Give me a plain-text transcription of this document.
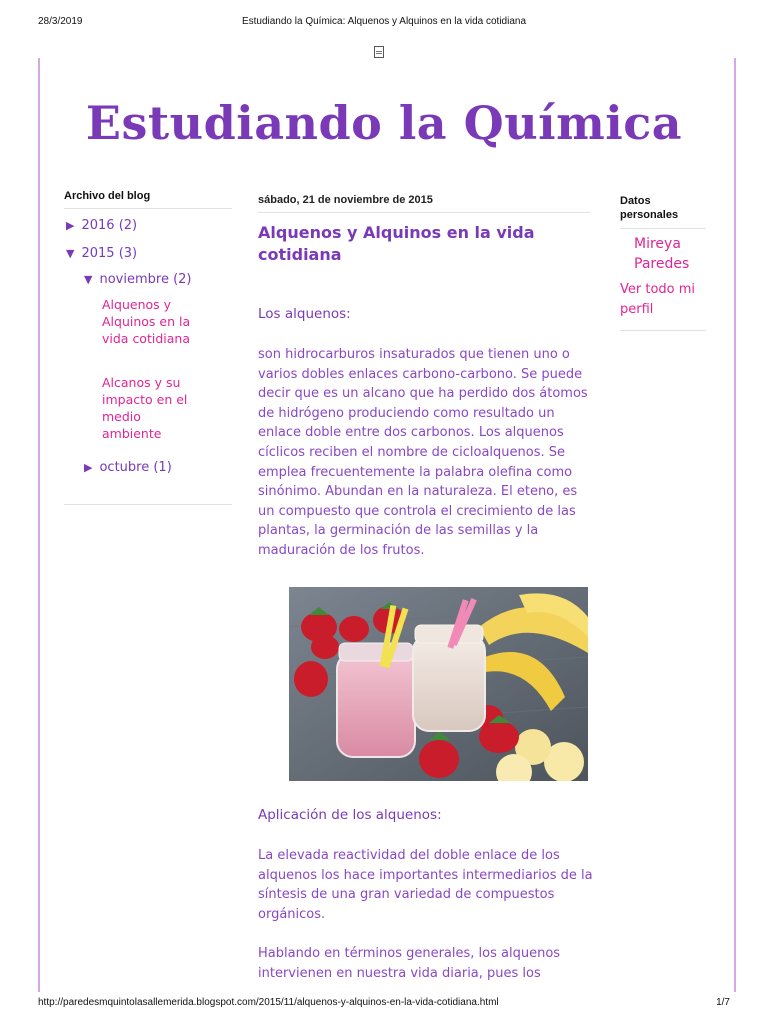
28/3/2019	Estudiando la Química: Alquenos y Alquinos en la vida cotidiana
Estudiando la Química
Archivo del blog
▶ 2016 (2)
▼ 2015 (3)
▼ noviembre (2)
Alquenos y Alquinos en la vida cotidiana
Alcanos y su impacto en el medio ambiente
▶ octubre (1)
sábado, 21 de noviembre de 2015
Alquenos y Alquinos en la vida cotidiana
Los alquenos:
son hidrocarburos insaturados que tienen uno o varios dobles enlaces carbono-carbono. Se puede decir que es un alcano que ha perdido dos átomos de hidrógeno produciendo como resultado un enlace doble entre dos carbonos. Los alquenos cíclicos reciben el nombre de cicloalquenos. Se emplea frecuentemente la palabra olefina como sinónimo. Abundan en la naturaleza. El eteno, es un compuesto que controla el crecimiento de las plantas, la germinación de las semillas y la maduración de los frutos.
Aplicación de los alquenos:
La elevada reactividad del doble enlace de los alquenos los hace importantes intermediarios de la síntesis de una gran variedad de compuestos orgánicos.
Hablando en términos generales, los alquenos intervienen en nuestra vida diaria, pues los
Datos personales
Mireya Paredes
Ver todo mi perfil
http://paredesmquintolasallemerida.blogspot.com/2015/11/alquenos-y-alquinos-en-la-vida-cotidiana.html	1/7
